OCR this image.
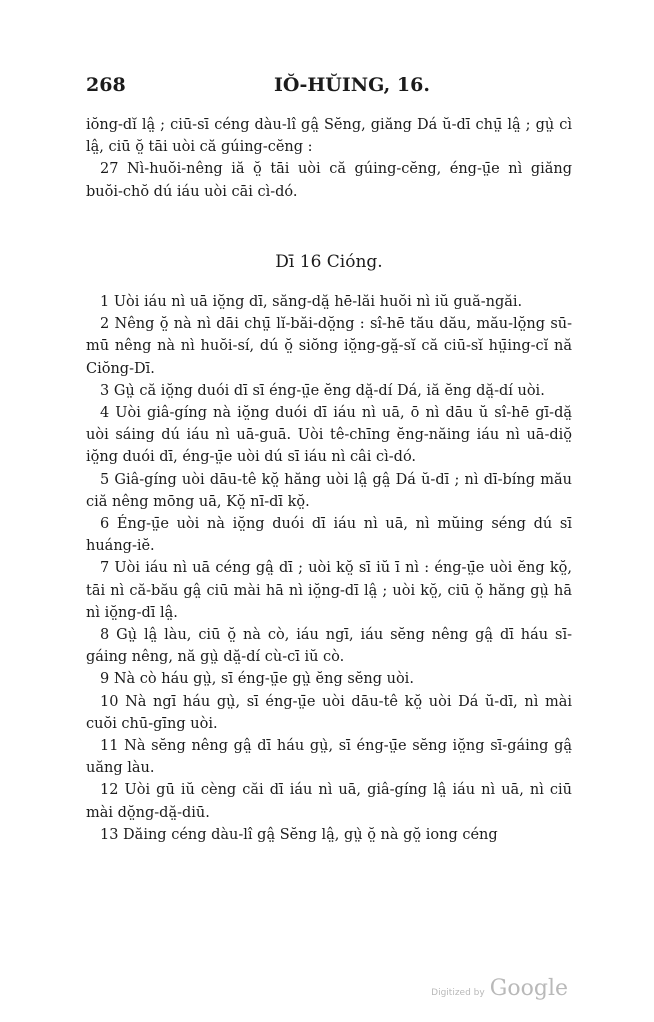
268	IŎ-HŬING, 16.

iŏng-dĭ lâ̤ ; ciū-sī céng dàu-lî gâ̤ Sĕng, giăng Dá ŭ-dī chṳ̄ lâ̤ ; gṳ̀ cì lâ̤, ciū ŏ̤ tāi uòi că gúing-cĕng :

27 Nì-huŏi-nêng iă ŏ̤ tāi uòi că gúing-cĕng, éng-ṳ̄e nì giăng buŏi-chŏ dú iáu uòi cāi cì-dó.

Dī 16 Cióng.

1 Uòi iáu nì uā iŏ̤ng dī, săng-dă̤ hē-lăi huŏi nì iŭ guă-ngăi.

2 Nêng ŏ̤ nà nì dāi chṳ̄ lĭ-băi-dŏ̤ng : sî-hē tău dău, mău-lŏ̤ng sū-mū nêng nà nì huŏi-sí, dú ŏ̤ siŏng iŏ̤ng-gă̤-sĭ că ciū-sĭ hṳ̄ing-cĭ nă Ciŏng-Dī.

3 Gṳ̀ că iŏ̤ng duói dī sī éng-ṳ̄e ĕng dă̤-dí Dá, iă ĕng dă̤-dí uòi.

4 Uòi giâ-gíng nà iŏ̤ng duói dī iáu nì uā, ō nì dāu ŭ sî-hē gī-dă̤ uòi sáing dú iáu nì uā-guā. Uòi tê-chīng ĕng-năing iáu nì uā-diŏ̤ iŏ̤ng duói dī, éng-ṳ̄e uòi dú sī iáu nì câi cì-dó.

5 Giâ-gíng uòi dāu-tê kŏ̤ hăng uòi lâ̤ gâ̤ Dá ŭ-dī ; nì dī-bíng mău ciă nêng mōng uā, Kŏ̤ nī-dī kŏ̤.

6 Éng-ṳ̄e uòi nà iŏ̤ng duói dī iáu nì uā, nì mŭing séng dú sī huáng-iĕ.

7 Uòi iáu nì uā céng gâ̤ dī ; uòi kŏ̤ sī iŭ ī nì : éng-ṳ̄e uòi ĕng kŏ̤, tāi nì că-bău gâ̤ ciū mài hā nì iŏ̤ng-dī lâ̤ ; uòi kŏ̤, ciū ŏ̤ hăng gṳ̀ hā nì iŏ̤ng-dī lâ̤.

8 Gṳ̀ lâ̤ làu, ciū ŏ̤ nà cò, iáu ngī, iáu sĕng nêng gâ̤ dī háu sī-gáing nêng, nă gṳ̀ dă̤-dí cù-cī iŭ cò.

9 Nà cò háu gṳ̀, sī éng-ṳ̄e gṳ̀ ĕng sĕng uòi.

10 Nà ngī háu gṳ̀, sī éng-ṳ̄e uòi dāu-tê kŏ̤ uòi Dá ŭ-dī, nì mài cuŏi chū-gīng uòi.

11 Nà sĕng nêng gâ̤ dī háu gṳ̀, sī éng-ṳ̄e sĕng iŏ̤ng sī-gáing gâ̤ uăng làu.

12 Uòi gū iŭ cèng căi dī iáu nì uā, giâ-gíng lâ̤ iáu nì uā, nì ciū mài dŏ̤ng-dă̤-diū.

13 Dăing céng dàu-lî gâ̤ Sĕng lâ̤, gṳ̀ ŏ̤ nà gŏ̤ iong céng

Digitized by Google
